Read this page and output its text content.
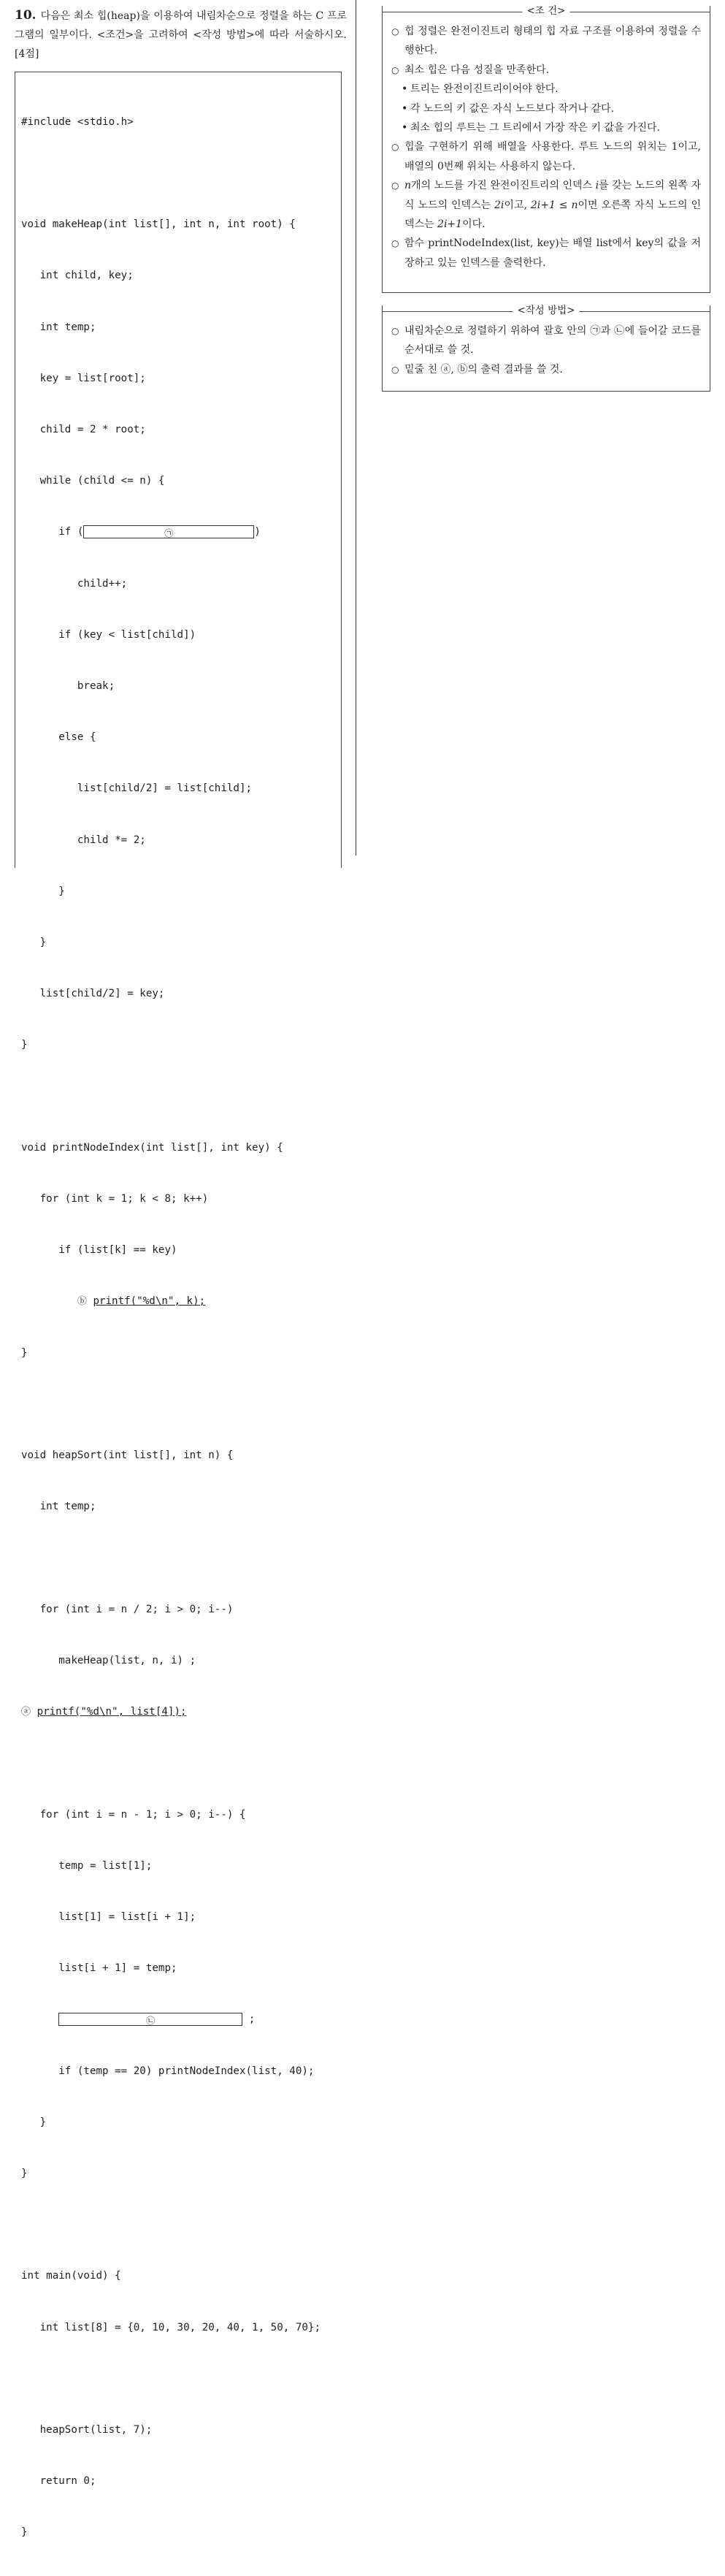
10. 다음은 최소 힙(heap)을 이용하여 내림차순으로 정렬을 하는 C 프로그램의 일부이다. <조건>을 고려하여 <작성 방법>에 따라 서술하시오. [4점]

#include <stdio.h>

void makeHeap(int list[], int n, int root) {

int child, key;

int temp;

key = list[root];

child = 2 * root;

while (child <= n) {

if (	㉠	)

child++;

if (key < list[child])

break;

else {

list[child/2] = list[child];

child *= 2;

}

}

list[child/2] = key;

}

void printNodeIndex(int list[], int key) {

for (int k = 1; k < 8; k++)

if (list[k] == key)

ⓑ printf("%d\n", k);

}

void heapSort(int list[], int n) {

int temp;

for (int i = n / 2; i > 0; i--)

makeHeap(list, n, i) ;

ⓐ printf("%d\n", list[4]);

for (int i = n - 1; i > 0; i--) {

temp = list[1];

list[1] = list[i + 1];

list[i + 1] = temp;

㉡	;

if (temp == 20) printNodeIndex(list, 40);

}

}

int main(void) {

int list[8] = {0, 10, 30, 20, 40, 1, 50, 70};

heapSort(list, 7);

return 0;

}

<조 건>
○ 힙 정렬은 완전이진트리 형태의 힙 자료 구조를 이용하여 정렬을 수행한다.
○ 최소 힙은 다음 성질을 만족한다.
• 트리는 완전이진트리이어야 한다.
• 각 노드의 키 값은 자식 노드보다 작거나 같다.
• 최소 힙의 루트는 그 트리에서 가장 작은 키 값을 가진다.
○ 힙을 구현하기 위해 배열을 사용한다. 루트 노드의 위치는 1이고, 배열의 0번째 위치는 사용하지 않는다.
○ n개의 노드를 가진 완전이진트리의 인덱스 i를 갖는 노드의 왼쪽 자식 노드의 인덱스는 2i이고, 2i+1 ≤ n이면 오른쪽 자식 노드의 인덱스는 2i+1이다.
○ 함수 printNodeIndex(list, key)는 배열 list에서 key의 값을 저장하고 있는 인덱스를 출력한다.
<작성 방법>
○ 내림차순으로 정렬하기 위하여 괄호 안의 ㉠과 ㉡에 들어갈 코드를 순서대로 쓸 것.
○ 밑줄 친 ⓐ, ⓑ의 출력 결과를 쓸 것.
